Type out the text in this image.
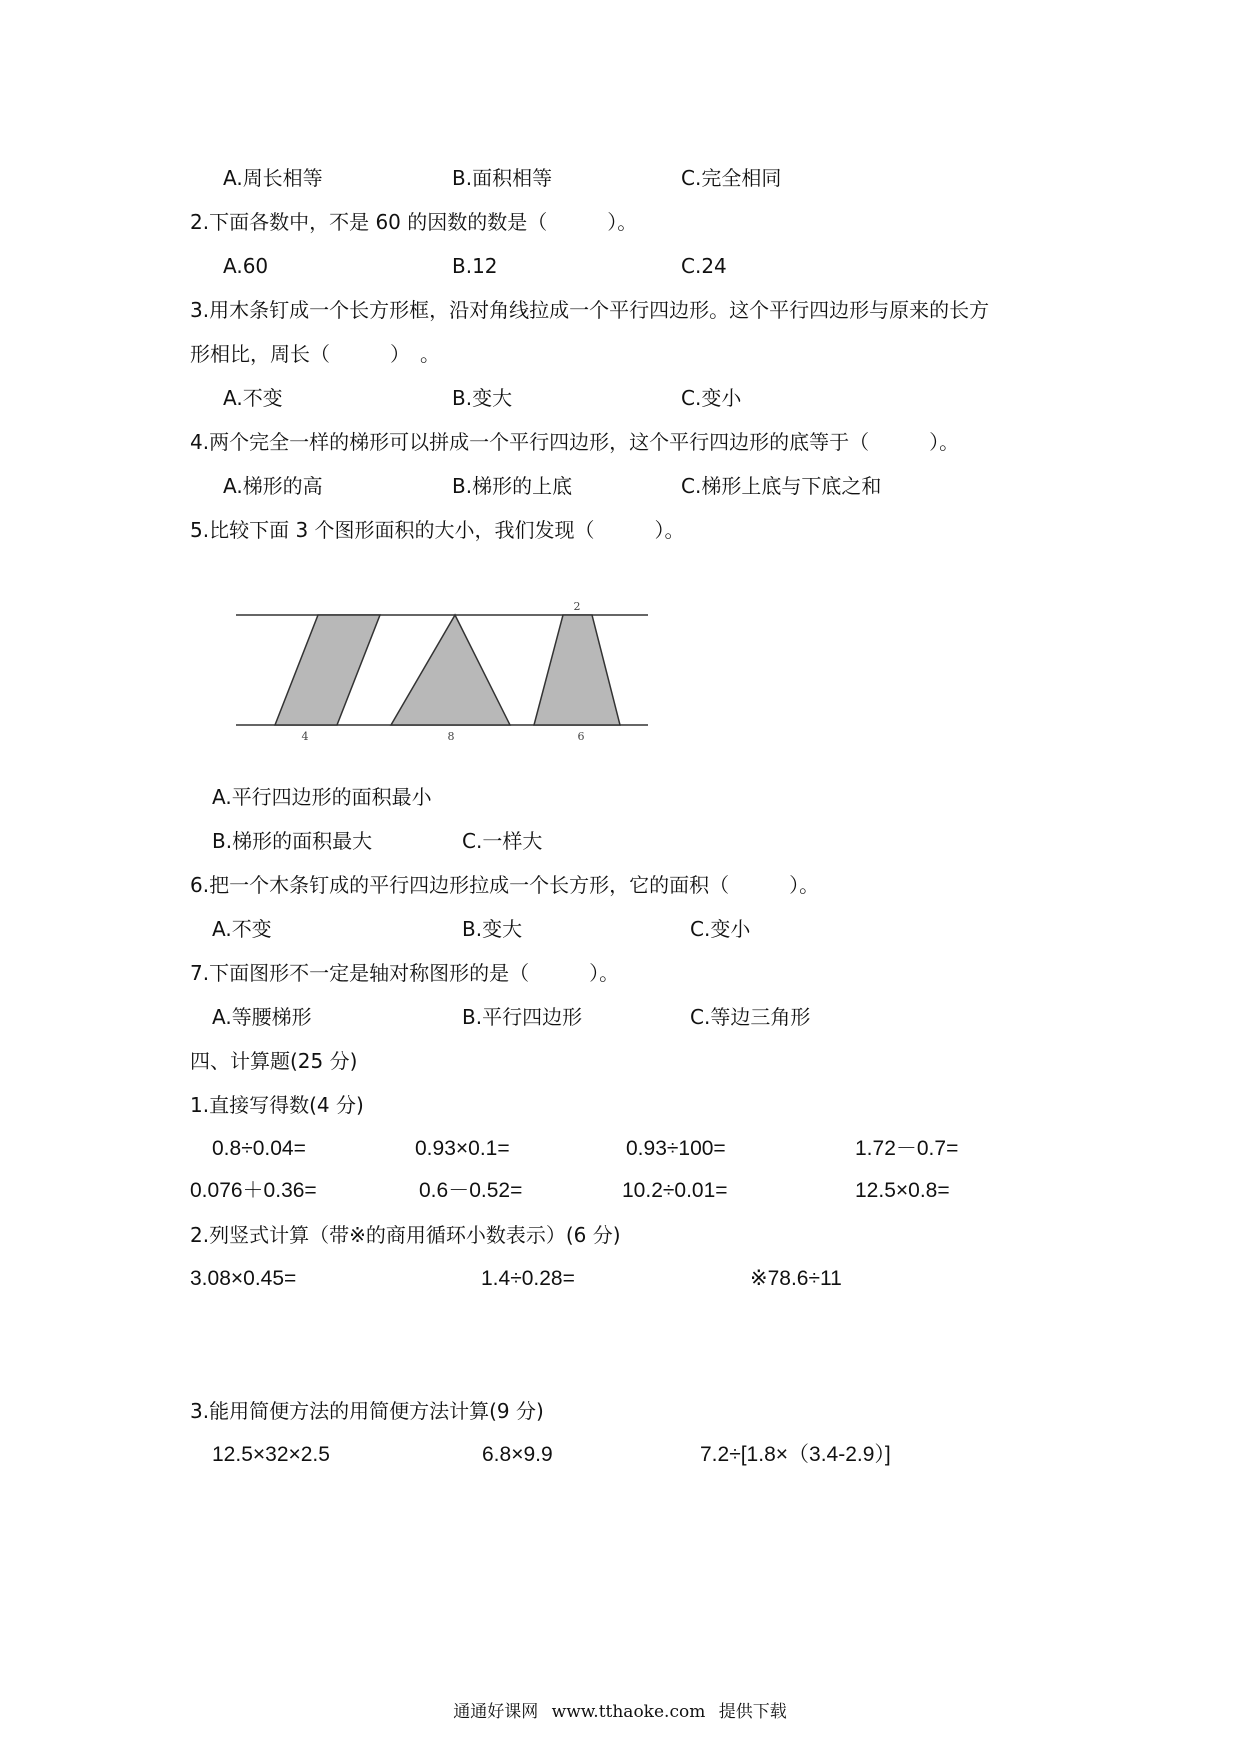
A.周长相等	B.面积相等	C.完全相同
2.下面各数中，不是 60 的因数的数是（　　　）。
A.60	B.12	C.24
3.用木条钉成一个长方形框，沿对角线拉成一个平行四边形。这个平行四边形与原来的长方
形相比，周长（　　　）　。
A.不变	B.变大	C.变小
4.两个完全一样的梯形可以拼成一个平行四边形，这个平行四边形的底等于（　　　）。
A.梯形的高	B.梯形的上底	C.梯形上底与下底之和
5.比较下面 3 个图形面积的大小，我们发现（　　　）。
2
4	8	6
A.平行四边形的面积最小
B.梯形的面积最大	C.一样大
6.把一个木条钉成的平行四边形拉成一个长方形，它的面积（　　　）。
A.不变	B.变大	C.变小
7.下面图形不一定是轴对称图形的是（　　　）。
A.等腰梯形	B.平行四边形	C.等边三角形
四、计算题(25 分)
1.直接写得数(4 分)
0.8÷0.04=	0.93×0.1=	0.93÷100=	1.72－0.7=
0.076＋0.36=	0.6－0.52=	10.2÷0.01=	12.5×0.8=
2.列竖式计算（带※的商用循环小数表示）(6 分)
3.08×0.45=	1.4÷0.28=	※78.6÷11
3.能用简便方法的用简便方法计算(9 分)
12.5×32×2.5	6.8×9.9	7.2÷[1.8×（3.4-2.9）]
通通好课网 www.tthaoke.com 提供下载
